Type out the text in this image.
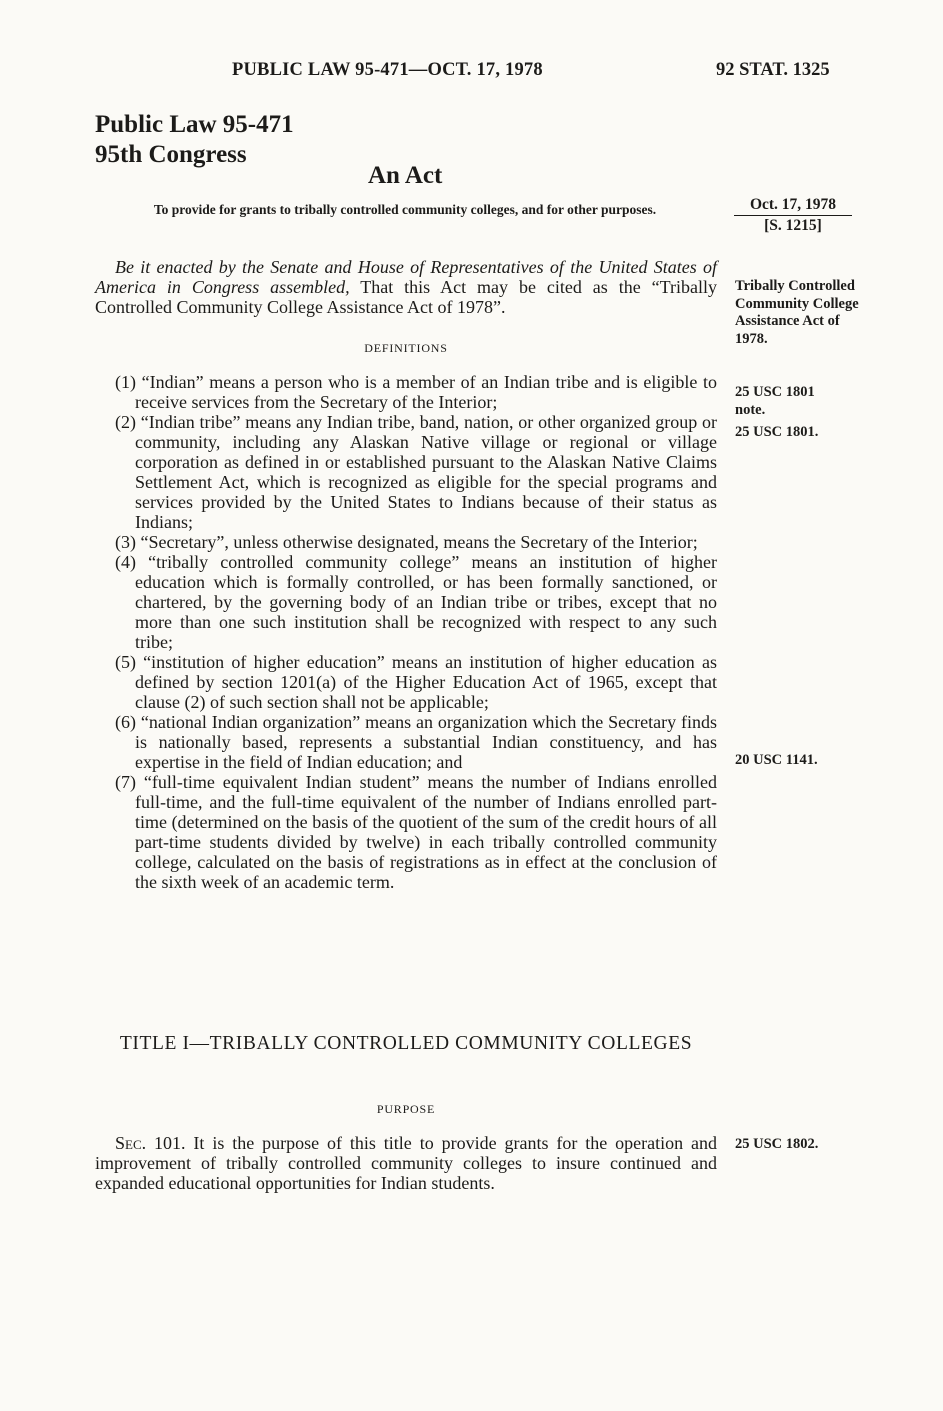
PUBLIC LAW 95-471—OCT. 17, 1978	92 STAT. 1325
Public Law 95-471
95th Congress
An Act
To provide for grants to tribally controlled community colleges, and for other purposes.	Oct. 17, 1978
[S. 1215]
Be it enacted by the Senate and House of Representatives of the United States of America in Congress assembled, That this Act may be cited as the “Tribally Controlled Community College Assistance Act of 1978”.
DEFINITIONS
(1) “Indian” means a person who is a member of an Indian tribe and is eligible to receive services from the Secretary of the Interior;
(2) “Indian tribe” means any Indian tribe, band, nation, or other organized group or community, including any Alaskan Native village or regional or village corporation as defined in or established pursuant to the Alaskan Native Claims Settlement Act, which is recognized as eligible for the special programs and services provided by the United States to Indians because of their status as Indians;
(3) “Secretary”, unless otherwise designated, means the Secretary of the Interior;
(4) “tribally controlled community college” means an institution of higher education which is formally controlled, or has been formally sanctioned, or chartered, by the governing body of an Indian tribe or tribes, except that no more than one such institution shall be recognized with respect to any such tribe;
(5) “institution of higher education” means an institution of higher education as defined by section 1201(a) of the Higher Education Act of 1965, except that clause (2) of such section shall not be applicable;
(6) “national Indian organization” means an organization which the Secretary finds is nationally based, represents a substantial Indian constituency, and has expertise in the field of Indian education; and
(7) “full-time equivalent Indian student” means the number of Indians enrolled full-time, and the full-time equivalent of the number of Indians enrolled part-time (determined on the basis of the quotient of the sum of the credit hours of all part-time students divided by twelve) in each tribally controlled community college, calculated on the basis of registrations as in effect at the conclusion of the sixth week of an academic term.
TITLE I—TRIBALLY CONTROLLED COMMUNITY COLLEGES
PURPOSE
Sec. 101. It is the purpose of this title to provide grants for the operation and improvement of tribally controlled community colleges to insure continued and expanded educational opportunities for Indian students.
Tribally Controlled Community College Assistance Act of 1978.
25 USC 1801 note.
25 USC 1801.
20 USC 1141.
25 USC 1802.
